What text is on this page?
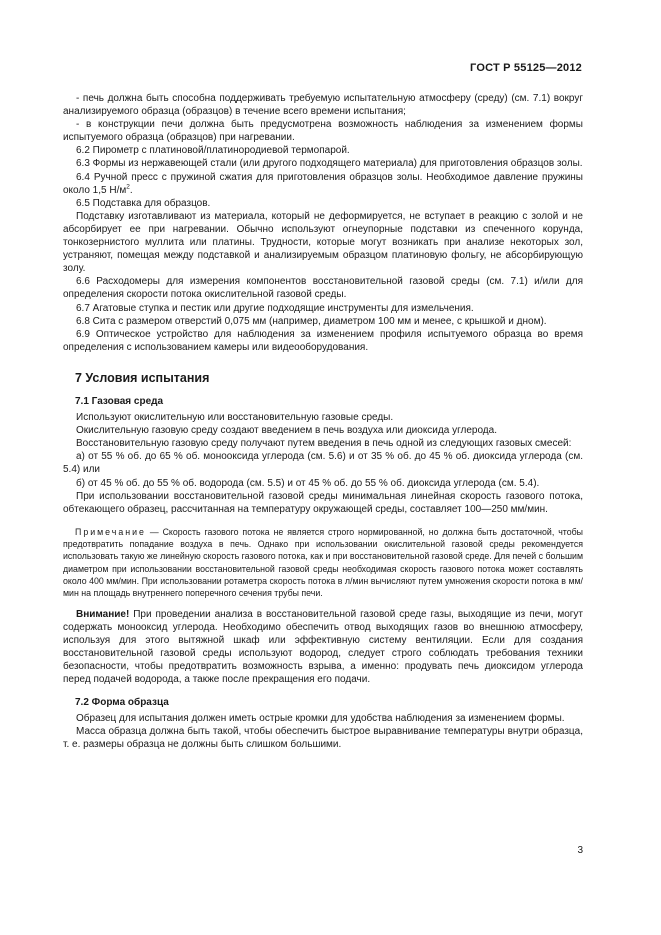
ГОСТ Р 55125—2012

- печь должна быть способна поддерживать требуемую испытательную атмосферу (среду) (см. 7.1) вокруг анализируемого образца (образцов) в течение всего времени испытания;

- в конструкции печи должна быть предусмотрена возможность наблюдения за изменением формы испытуемого образца (образцов) при нагревании.

6.2 Пирометр с платиновой/платинородиевой термопарой.

6.3 Формы из нержавеющей стали (или другого подходящего материала) для приготовления образцов золы.

6.4 Ручной пресс с пружиной сжатия для приготовления образцов золы. Необходимое давление пружины около 1,5 $Н/м^2$.

6.5 Подставка для образцов.

Подставку изготавливают из материала, который не деформируется, не вступает в реакцию с золой и не абсорбирует ее при нагревании. Обычно используют огнеупорные подставки из спеченного корунда, тонкозернистого муллита или платины. Трудности, которые могут возникать при анализе некоторых зол, устраняют, помещая между подставкой и анализируемым образцом платиновую фольгу, не абсорбирующую золу.

6.6 Расходомеры для измерения компонентов восстановительной газовой среды (см. 7.1) и/или для определения скорости потока окислительной газовой среды.

6.7 Агатовые ступка и пестик или другие подходящие инструменты для измельчения.

6.8 Сита с размером отверстий 0,075 мм (например, диаметром 100 мм и менее, с крышкой и дном).

6.9 Оптическое устройство для наблюдения за изменением профиля испытуемого образца во время определения с использованием камеры или видеооборудования.

7 Условия испытания

7.1 Газовая среда

Используют окислительную или восстановительную газовые среды.

Окислительную газовую среду создают введением в печь воздуха или диоксида углерода.

Восстановительную газовую среду получают путем введения в печь одной из следующих газовых смесей:

а) от 55 % об. до 65 % об. монооксида углерода (см. 5.6) и от 35 % об. до 45 % об. диоксида углерода (см. 5.4) или

б) от 45 % об. до 55 % об. водорода (см. 5.5) и от 45 % об. до 55 % об. диоксида углерода (см. 5.4).

При использовании восстановительной газовой среды минимальная линейная скорость газового потока, обтекающего образец, рассчитанная на температуру окружающей среды, составляет 100—250 мм/мин.

Примечание — Скорость газового потока не является строго нормированной, но должна быть достаточной, чтобы предотвратить попадание воздуха в печь. Однако при использовании окислительной газовой среды рекомендуется использовать такую же линейную скорость газового потока, как и при восстановительной газовой среде. Для печей с большим диаметром при использовании восстановительной газовой среды необходимая скорость газового потока может составлять около 400 мм/мин. При использовании ротаметра скорость потока в л/мин вычисляют путем умножения скорости потока в мм/мин на площадь внутреннего поперечного сечения трубы печи.

Внимание! При проведении анализа в восстановительной газовой среде газы, выходящие из печи, могут содержать монооксид углерода. Необходимо обеспечить отвод выходящих газов во внешнюю атмосферу, используя для этого вытяжной шкаф или эффективную систему вентиляции. Если для создания восстановительной газовой среды используют водород, следует строго соблюдать требования техники безопасности, чтобы предотвратить возможность взрыва, а именно: продувать печь диоксидом углерода перед подачей водорода, а также после прекращения его подачи.

7.2 Форма образца

Образец для испытания должен иметь острые кромки для удобства наблюдения за изменением формы.

Масса образца должна быть такой, чтобы обеспечить быстрое выравнивание температуры внутри образца, т. е. размеры образца не должны быть слишком большими.

3
